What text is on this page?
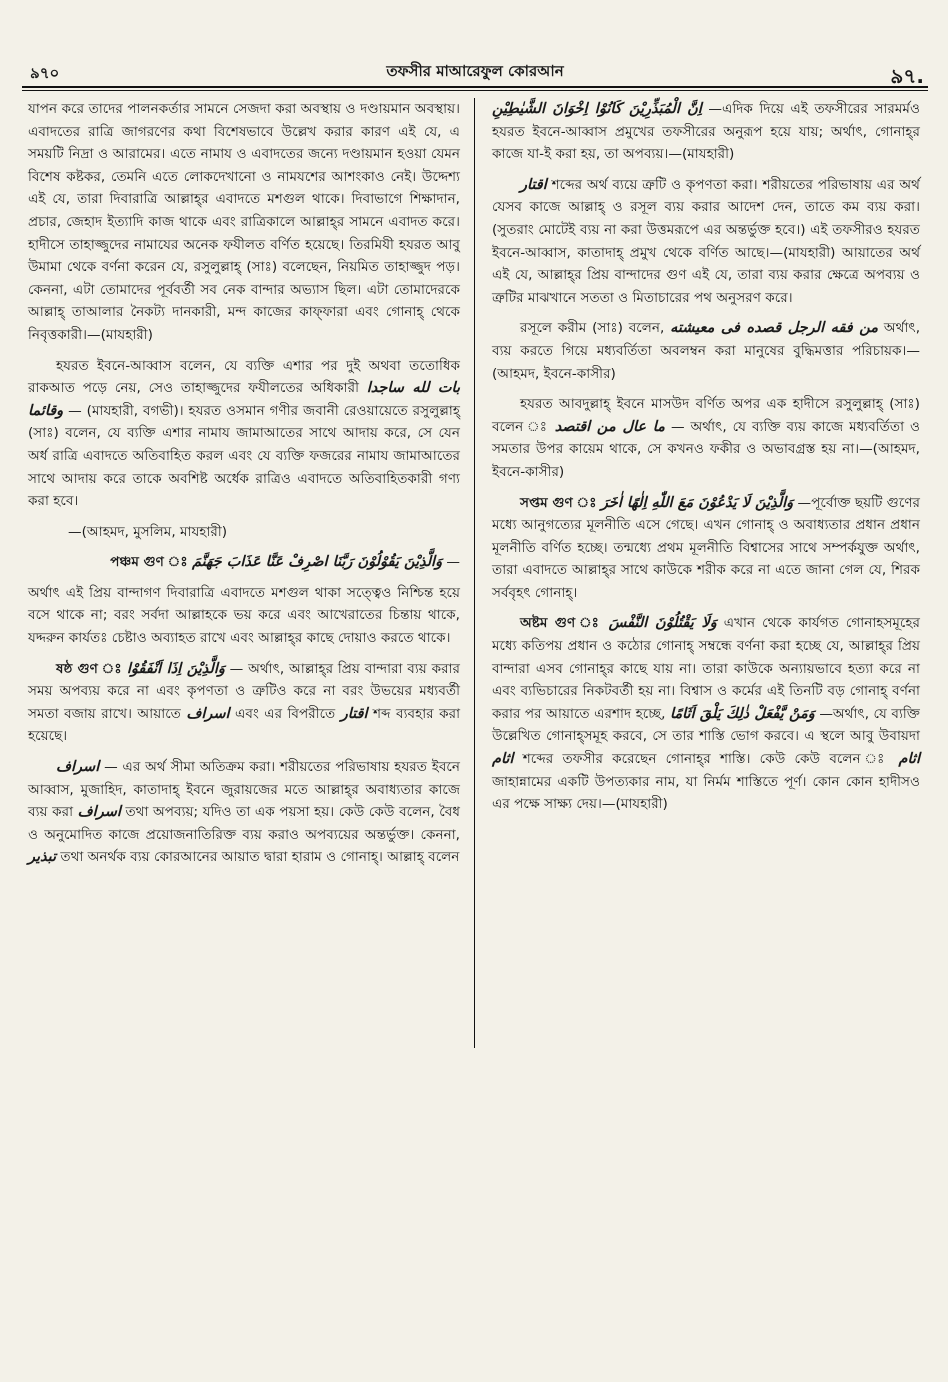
৯৭০	তফসীর মাআরেফুল কোরআন	৯৭.

যাপন করে তাদের পালনকর্তার সামনে সেজদা করা অবস্থায় ও দণ্ডায়মান অবস্থায়। এবাদতের রাত্রি জাগরণের কথা বিশেষভাবে উল্লেখ করার কারণ এই যে, এ সময়টি নিদ্রা ও আরামের। এতে নামায ও এবাদতের জন্যে দণ্ডায়মান হওয়া যেমন বিশেষ কষ্টকর, তেমনি এতে লোকদেখানো ও নামযশের আশংকাও নেই। উদ্দেশ্য এই যে, তারা দিবারাত্রি আল্লাহ্‌র এবাদতে মশগুল থাকে। দিবাভাগে শিক্ষাদান, প্রচার, জেহাদ ইত্যাদি কাজ থাকে এবং রাত্রিকালে আল্লাহ্‌র সামনে এবাদত করে। হাদীসে তাহাজ্জুদের নামাযের অনেক ফযীলত বর্ণিত হয়েছে। তিরমিযী হযরত আবু উমামা থেকে বর্ণনা করেন যে, রসুলুল্লাহ্ (সাঃ) বলেছেন, নিয়মিত তাহাজ্জুদ পড়। কেননা, এটা তোমাদের পূর্ববর্তী সব নেক বান্দার অভ্যাস ছিল। এটা তোমাদেরকে আল্লাহ্ তাআলার নৈকট্য দানকারী, মন্দ কাজের কাফ্‌ফারা এবং গোনাহ্ থেকে নিবৃত্তকারী।—(মাযহারী)

হযরত ইবনে-আব্বাস বলেন, যে ব্যক্তি এশার পর দুই অথবা ততোধিক রাকআত পড়ে নেয়, সেও তাহাজ্জুদের ফযীলতের অধিকারী بات لله ساجدا وقائما — (মাযহারী, বগভী)। হযরত ওসমান গণীর জবানী রেওয়ায়েতে রসুলুল্লাহ্ (সাঃ) বলেন, যে ব্যক্তি এশার নামায জামাআতের সাথে আদায় করে, সে যেন অর্ধ রাত্রি এবাদতে অতিবাহিত করল এবং যে ব্যক্তি ফজরের নামায জামাআতের সাথে আদায় করে তাকে অবশিষ্ট অর্ধেক রাত্রিও এবাদতে অতিবাহিতকারী গণ্য করা হবে।

—(আহমদ, মুসলিম, মাযহারী)

পঞ্চম গুণ ঃ وَالَّذِيْنَ يَقُوْلُوْنَ رَبَّنَا اصْرِفْ عَنَّا عَذَابَ جَهَنَّمَ —

অর্থাৎ এই প্রিয় বান্দাগণ দিবারাত্রি এবাদতে মশগুল থাকা সত্ত্বেও নিশ্চিন্ত হয়ে বসে থাকে না; বরং সর্বদা আল্লাহকে ভয় করে এবং আখেরাতের চিন্তায় থাকে, যদ্দরুন কার্যতঃ চেষ্টাও অব্যাহত রাখে এবং আল্লাহ্‌র কাছে দোয়াও করতে থাকে।

ষষ্ঠ গুণ ঃ وَالَّذِيْنَ اِذَا اَنْفَقُوْا — অর্থাৎ, আল্লাহ্‌র প্রিয় বান্দারা ব্যয় করার সময় অপব্যয় করে না এবং কৃপণতা ও ত্রুটিও করে না বরং উভয়ের মধ্যবর্তী সমতা বজায় রাখে। আয়াতে اسراف এবং এর বিপরীতে اقتار শব্দ ব্যবহার করা হয়েছে।

اسراف — এর অর্থ সীমা অতিক্রম করা। শরীয়তের পরিভাষায় হযরত ইবনে আব্বাস, মুজাহিদ, কাতাদাহ্ ইবনে জুরায়জের মতে আল্লাহ্‌র অবাধ্যতার কাজে ব্যয় করা اسراف তথা অপব্যয়; যদিও তা এক পয়সা হয়। কেউ কেউ বলেন, বৈধ ও অনুমোদিত কাজে প্রয়োজনাতিরিক্ত ব্যয় করাও অপব্যয়ের অন্তর্ভুক্ত। কেননা, تبذير তথা অনর্থক ব্যয় কোরআনের আয়াত দ্বারা হারাম ও গোনাহ্। আল্লাহ্ বলেন

اِنَّ الْمُبَذِّرِيْنَ كَانُوْا اِخْوَانَ الشَّيٰطِيْنِ —এদিক দিয়ে এই তফসীরের সারমর্মও হযরত ইবনে-আব্বাস প্রমুখের তফসীরের অনুরূপ হয়ে যায়; অর্থাৎ, গোনাহ্‌র কাজে যা-ই করা হয়, তা অপব্যয়।—(মাযহারী)

اقتار শব্দের অর্থ ব্যয়ে ত্রুটি ও কৃপণতা করা। শরীয়তের পরিভাষায় এর অর্থ যেসব কাজে আল্লাহ্ ও রসূল ব্যয় করার আদেশ দেন, তাতে কম ব্যয় করা। (সুতরাং মোটেই ব্যয় না করা উত্তমরূপে এর অন্তর্ভুক্ত হবে।) এই তফসীরও হযরত ইবনে-আব্বাস, কাতাদাহ্ প্রমুখ থেকে বর্ণিত আছে।—(মাযহারী) আয়াতের অর্থ এই যে, আল্লাহ্‌র প্রিয় বান্দাদের গুণ এই যে, তারা ব্যয় করার ক্ষেত্রে অপব্যয় ও ত্রুটির মাঝখানে সততা ও মিতাচারের পথ অনুসরণ করে।

রসূলে করীম (সাঃ) বলেন, من فقه الرجل قصده فى معيشته অর্থাৎ, ব্যয় করতে গিয়ে মধ্যবর্তিতা অবলম্বন করা মানুষের বুদ্ধিমত্তার পরিচায়ক।—(আহমদ, ইবনে-কাসীর)

হযরত আবদুল্লাহ্ ইবনে মাসউদ বর্ণিত অপর এক হাদীসে রসুলুল্লাহ্ (সাঃ) বলেন ঃ ما عال من اقتصد — অর্থাৎ, যে ব্যক্তি ব্যয় কাজে মধ্যবর্তিতা ও সমতার উপর কায়েম থাকে, সে কখনও ফকীর ও অভাবগ্রস্ত হয় না।—(আহমদ, ইবনে-কাসীর)

সপ্তম গুণ ঃ وَالَّذِيْنَ لَا يَدْعُوْنَ مَعَ اللّٰهِ اِلٰهًا اٰخَرَ —পূর্বোক্ত ছয়টি গুণের মধ্যে আনুগত্যের মূলনীতি এসে গেছে। এখন গোনাহ্ ও অবাধ্যতার প্রধান প্রধান মূলনীতি বর্ণিত হচ্ছে। তন্মধ্যে প্রথম মূলনীতি বিশ্বাসের সাথে সম্পর্কযুক্ত অর্থাৎ, তারা এবাদতে আল্লাহ্‌র সাথে কাউকে শরীক করে না এতে জানা গেল যে, শিরক সর্ববৃহৎ গোনাহ্।

অষ্টম গুণ ঃ وَلَا يَقْتُلُوْنَ النَّفْسَ এখান থেকে কার্যগত গোনাহসমূহের মধ্যে কতিপয় প্রধান ও কঠোর গোনাহ্ সম্বন্ধে বর্ণনা করা হচ্ছে যে, আল্লাহ্‌র প্রিয় বান্দারা এসব গোনাহ্‌র কাছে যায় না। তারা কাউকে অন্যায়ভাবে হত্যা করে না এবং ব্যভিচারের নিকটবর্তী হয় না। বিশ্বাস ও কর্মের এই তিনটি বড় গোনাহ্ বর্ণনা করার পর আয়াতে এরশাদ হচ্ছে, وَمَنْ يَّفْعَلْ ذٰلِكَ يَلْقَ اَثَامًا —অর্থাৎ, যে ব্যক্তি উল্লেখিত গোনাহ্‌সমূহ করবে, সে তার শাস্তি ভোগ করবে। এ স্থলে আবু উবায়দা اثام শব্দের তফসীর করেছেন গোনাহ্‌র শাস্তি। কেউ কেউ বলেন ঃ اثام জাহান্নামের একটি উপত্যকার নাম, যা নির্মম শাস্তিতে পূর্ণ। কোন কোন হাদীসও এর পক্ষে সাক্ষ্য দেয়।—(মাযহারী)
